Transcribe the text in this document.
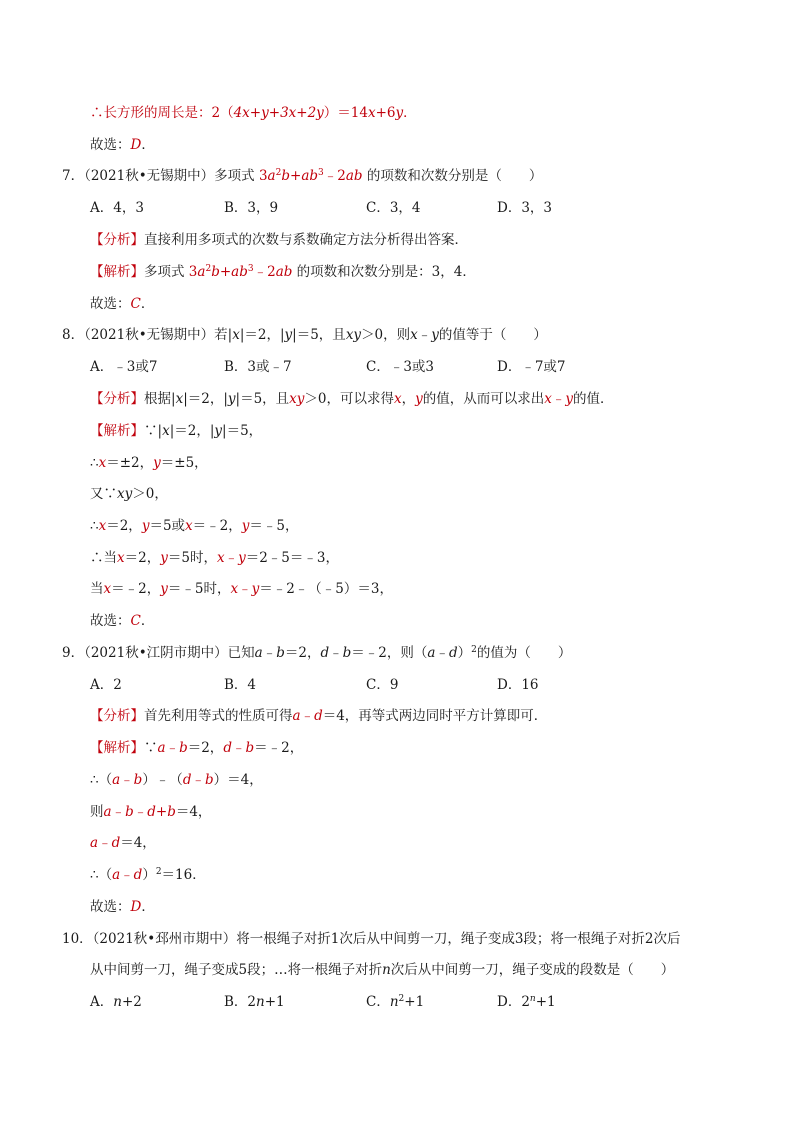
∴长方形的周长是：2（4x+y+3x+2y）＝14x+6y．
故选：D．
7．（2021秋•无锡期中）多项式 $3a^2b+ab^3﹣2ab$ 的项数和次数分别是（　　）
A．4，3	B．3，9	C．3，4	D．3，3
【分析】直接利用多项式的次数与系数确定方法分析得出答案．
【解析】多项式 $3a^2b+ab^3﹣2ab$ 的项数和次数分别是：3，4．
故选：C．
8．（2021秋•无锡期中）若|x|＝2，|y|＝5，且xy＞0，则x﹣y的值等于（　　）
A．﹣3或7	B．3或﹣7	C．﹣3或3	D．﹣7或7
【分析】根据|x|＝2，|y|＝5，且xy＞0，可以求得x，y的值，从而可以求出x﹣y的值．
【解析】∵|x|＝2，|y|＝5，
∴x＝±2，y＝±5，
又∵xy＞0，
∴x＝2，y＝5或x＝﹣2，y＝﹣5，
∴当x＝2，y＝5时，x﹣y＝2﹣5＝﹣3，
当x＝﹣2，y＝﹣5时，x﹣y＝﹣2﹣（﹣5）＝3，
故选：C．
9．（2021秋•江阴市期中）已知a﹣b＝2，d﹣b＝﹣2，则（a﹣d）$^2$的值为（　　）
A．2	B．4	C．9	D．16
【分析】首先利用等式的性质可得a﹣d＝4，再等式两边同时平方计算即可．
【解析】∵a﹣b＝2，d﹣b＝﹣2，
∴（a﹣b）﹣（d﹣b）＝4，
则a﹣b﹣d+b＝4，
a﹣d＝4，
∴（a﹣d）$^2$＝16．
故选：D．
10．（2021秋•邳州市期中）将一根绳子对折1次后从中间剪一刀，绳子变成3段；将一根绳子对折2次后
从中间剪一刀，绳子变成5段；…将一根绳子对折n次后从中间剪一刀，绳子变成的段数是（　　）
A．n+2	B．2n+1	C．$n^2+1$	D．$2^n+1$
